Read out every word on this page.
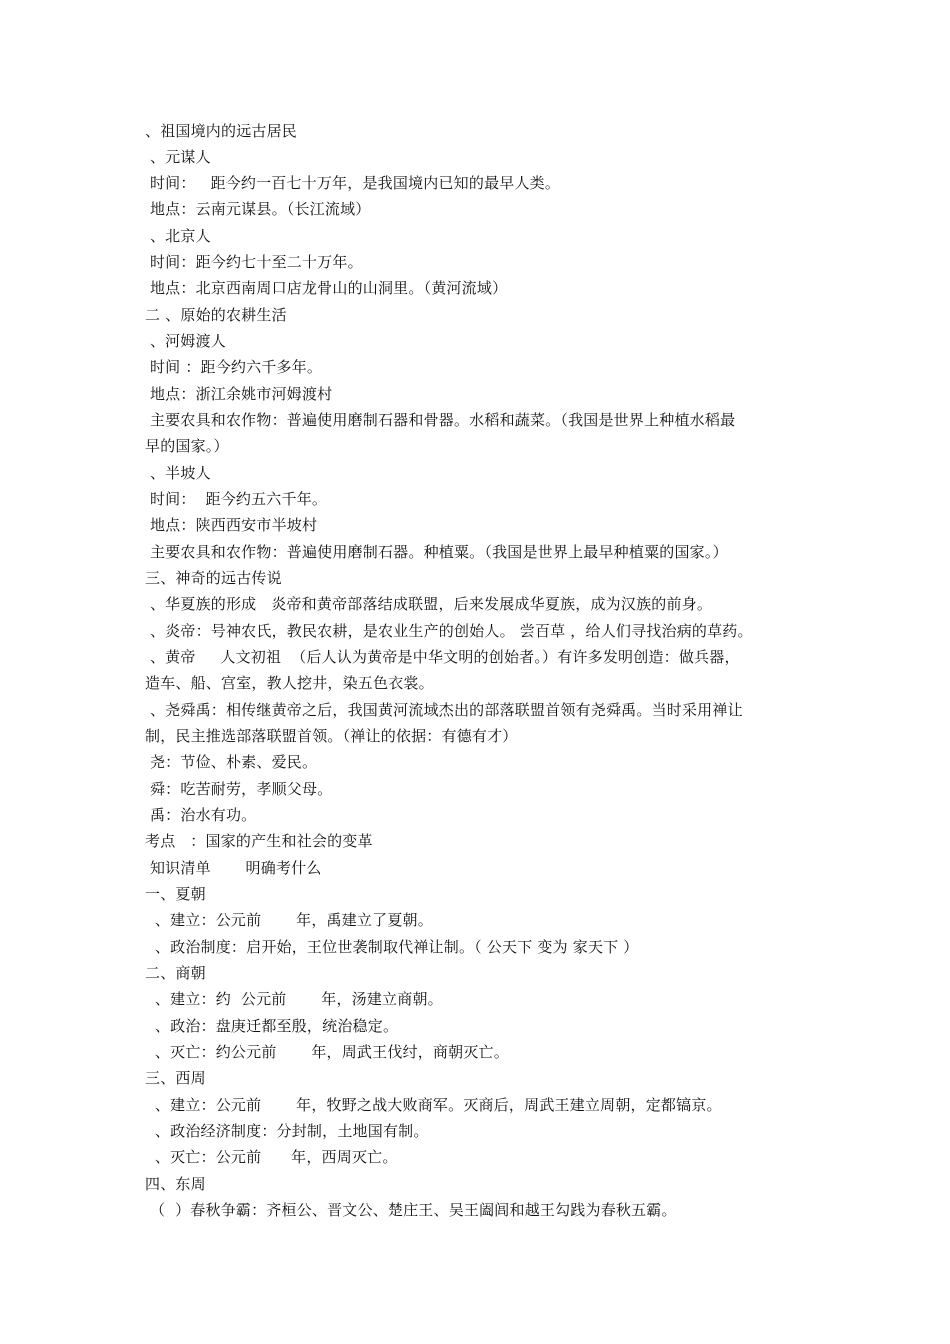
、祖国境内的远古居民
、元谋人
时间：   距今约一百七十万年，是我国境内已知的最早人类。
地点：云南元谋县。（长江流域）
、北京人
时间：距今约七十至二十万年。
地点：北京西南周口店龙骨山的山洞里。（黄河流域）
二 、原始的农耕生活
、河姆渡人
时间 ：距今约六千多年。
地点：浙江余姚市河姆渡村
主要农具和农作物：普遍使用磨制石器和骨器。水稻和蔬菜。（我国是世界上种植水稻最
早的国家。）
、半坡人
时间：  距今约五六千年。
地点：陕西西安市半坡村
主要农具和农作物：普遍使用磨制石器。种植粟。（我国是世界上最早种植粟的国家。）
三、神奇的远古传说
、华夏族的形成   炎帝和黄帝部落结成联盟，后来发展成华夏族，成为汉族的前身。
、炎帝：号神农氏，教民农耕，是农业生产的创始人。 尝百草 ，给人们寻找治病的草药。
、黄帝     人文初祖  （后人认为黄帝是中华文明的创始者。）有许多发明创造：做兵器，
造车、船、宫室，教人挖井，染五色衣裳。
、尧舜禹：相传继黄帝之后，我国黄河流域杰出的部落联盟首领有尧舜禹。当时采用禅让
制，民主推选部落联盟首领。（禅让的依据：有德有才）
尧：节俭、朴素、爱民。
舜：吃苦耐劳，孝顺父母。
禹：治水有功。
考点   ：国家的产生和社会的变革
知识清单       明确考什么
一、夏朝
、建立：公元前       年，禹建立了夏朝。
、政治制度：启开始，王位世袭制取代禅让制。（ 公天下 变为 家天下 ）
二、商朝
、建立：约  公元前       年，汤建立商朝。
、政治：盘庚迁都至殷，统治稳定。
、灭亡：约公元前       年，周武王伐纣，商朝灭亡。
三、西周
、建立：公元前       年，牧野之战大败商军。灭商后，周武王建立周朝，定都镐京。
、政治经济制度：分封制，土地国有制。
、灭亡：公元前      年，西周灭亡。
四、东周
（  ）春秋争霸：齐桓公、晋文公、楚庄王、吴王阖闾和越王勾践为春秋五霸。
